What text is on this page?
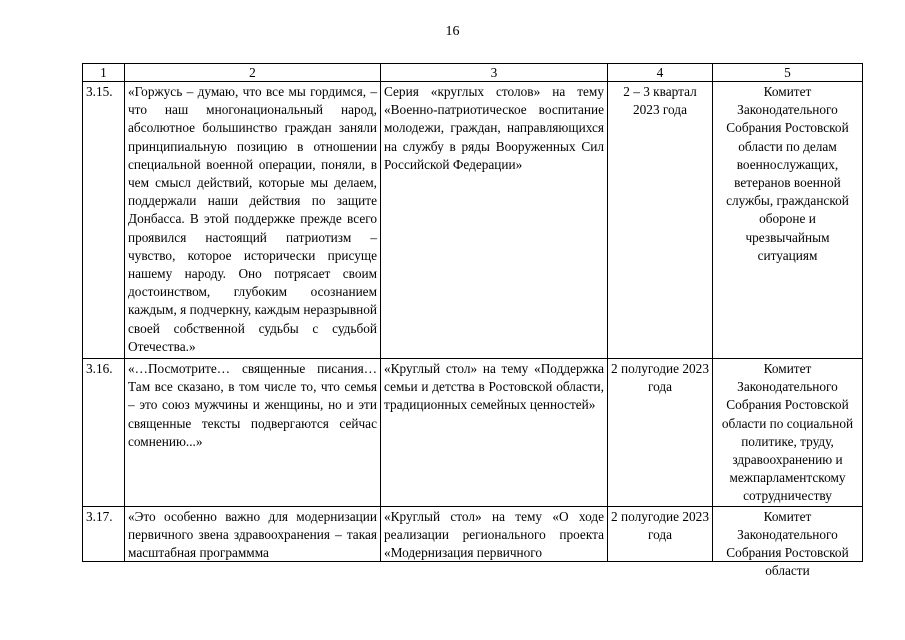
16
1	2	3	4	5
3.15.	«Горжусь – думаю, что все мы гордимся, – что наш многонациональный народ, абсолютное большинство граждан заняли принципиальную позицию в отношении специальной военной операции, поняли, в чем смысл действий, которые мы делаем, поддержали наши действия по защите Донбасса. В этой поддержке прежде всего проявился настоящий патриотизм – чувство, которое исторически присуще нашему народу. Оно потрясает своим достоинством, глубоким осознанием каждым, я подчеркну, каждым неразрывной своей собственной судьбы с судьбой Отечества.»	Серия «круглых столов» на тему «Военно-патриотическое воспитание молодежи, граждан, направляющихся на службу в ряды Вооруженных Сил Российской Федерации»	2 – 3 квартал 2023 года	Комитет Законодательного Собрания Ростовской области по делам военнослужащих, ветеранов военной службы, гражданской обороне и чрезвычайным ситуациям
3.16.	«…Посмотрите… священные писания… Там все сказано, в том числе то, что семья – это союз мужчины и женщины, но и эти священные тексты подвергаются сейчас сомнению...»	«Круглый стол» на тему «Поддержка семьи и детства в Ростовской области, традиционных семейных ценностей»	2 полугодие 2023 года	Комитет Законодательного Собрания Ростовской области по социальной политике, труду, здравоохранению и межпарламентскому сотрудничеству

3.17.	«Это особенно важно для модернизации первичного звена здравоохранения – такая масштабная программма	«Круглый стол» на тему «О ходе реализации регионального проекта «Модернизация первичного	2 полугодие 2023 года	Комитет Законодательного Собрания Ростовской области
